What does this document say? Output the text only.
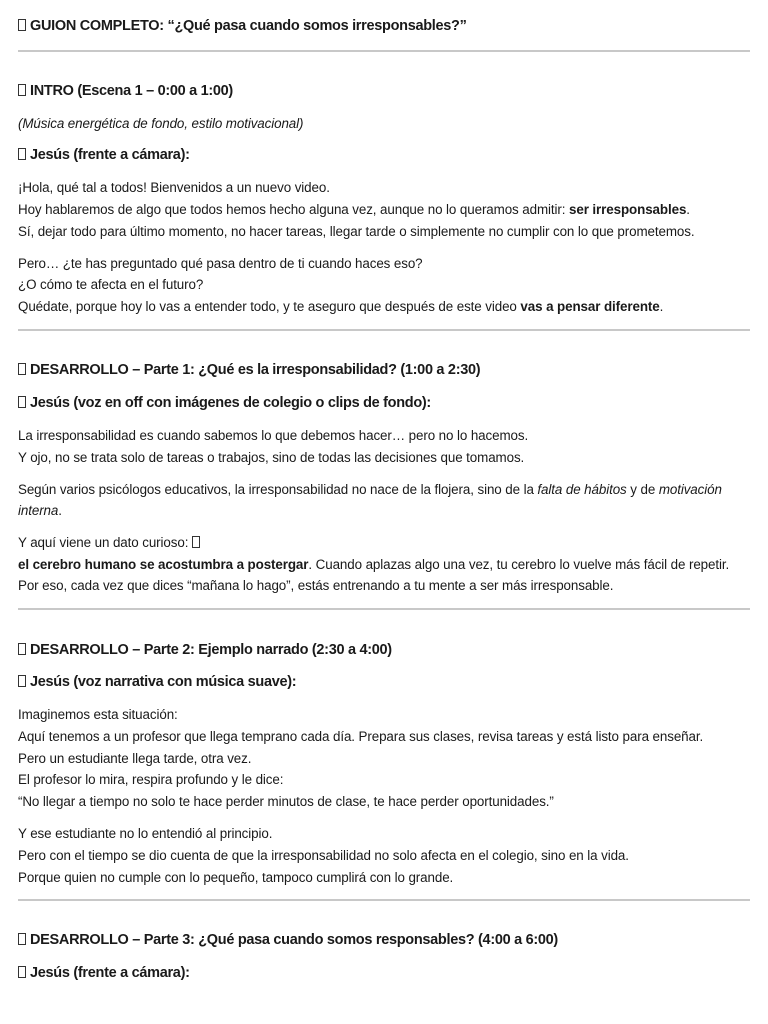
GUION COMPLETO: “¿Qué pasa cuando somos irresponsables?”
INTRO (Escena 1 – 0:00 a 1:00)
(Música energética de fondo, estilo motivacional)
Jesús (frente a cámara):
¡Hola, qué tal a todos! Bienvenidos a un nuevo video.
Hoy hablaremos de algo que todos hemos hecho alguna vez, aunque no lo queramos admitir: ser irresponsables.
Sí, dejar todo para último momento, no hacer tareas, llegar tarde o simplemente no cumplir con lo que prometemos.
Pero… ¿te has preguntado qué pasa dentro de ti cuando haces eso?
¿O cómo te afecta en el futuro?
Quédate, porque hoy lo vas a entender todo, y te aseguro que después de este video vas a pensar diferente.
DESARROLLO – Parte 1: ¿Qué es la irresponsabilidad? (1:00 a 2:30)
Jesús (voz en off con imágenes de colegio o clips de fondo):
La irresponsabilidad es cuando sabemos lo que debemos hacer… pero no lo hacemos.
Y ojo, no se trata solo de tareas o trabajos, sino de todas las decisiones que tomamos.
Según varios psicólogos educativos, la irresponsabilidad no nace de la flojera, sino de la falta de hábitos y de motivación
interna.
Y aquí viene un dato curioso:
el cerebro humano se acostumbra a postergar. Cuando aplazas algo una vez, tu cerebro lo vuelve más fácil de repetir.
Por eso, cada vez que dices “mañana lo hago”, estás entrenando a tu mente a ser más irresponsable.
DESARROLLO – Parte 2: Ejemplo narrado (2:30 a 4:00)
Jesús (voz narrativa con música suave):
Imaginemos esta situación:
Aquí tenemos a un profesor que llega temprano cada día. Prepara sus clases, revisa tareas y está listo para enseñar.
Pero un estudiante llega tarde, otra vez.
El profesor lo mira, respira profundo y le dice:
“No llegar a tiempo no solo te hace perder minutos de clase, te hace perder oportunidades.”
Y ese estudiante no lo entendió al principio.
Pero con el tiempo se dio cuenta de que la irresponsabilidad no solo afecta en el colegio, sino en la vida.
Porque quien no cumple con lo pequeño, tampoco cumplirá con lo grande.
DESARROLLO – Parte 3: ¿Qué pasa cuando somos responsables? (4:00 a 6:00)
Jesús (frente a cámara):
